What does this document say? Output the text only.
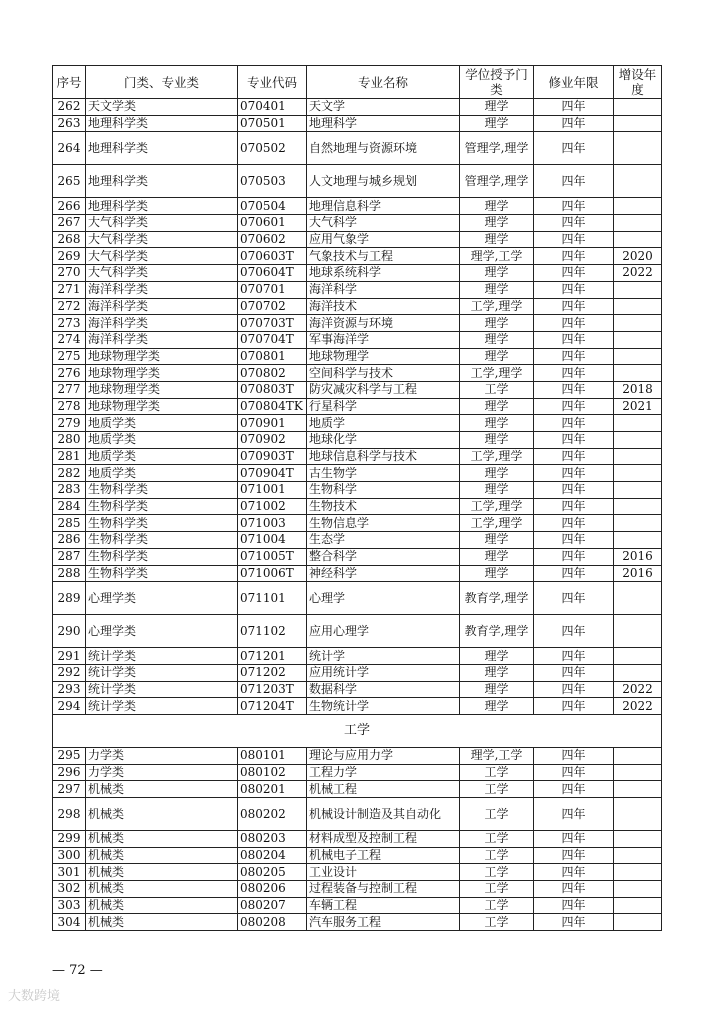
序号	门类、专业类	专业代码	专业名称	学位授予门类	修业年限	增设年度
262	天文学类	070401	天文学	理学	四年	
263	地理科学类	070501	地理科学	理学	四年	
264	地理科学类	070502	自然地理与资源环境	管理学,理学	四年	
265	地理科学类	070503	人文地理与城乡规划	管理学,理学	四年	
266	地理科学类	070504	地理信息科学	理学	四年	
267	大气科学类	070601	大气科学	理学	四年	
268	大气科学类	070602	应用气象学	理学	四年	
269	大气科学类	070603T	气象技术与工程	理学,工学	四年	2020
270	大气科学类	070604T	地球系统科学	理学	四年	2022
271	海洋科学类	070701	海洋科学	理学	四年	
272	海洋科学类	070702	海洋技术	工学,理学	四年	
273	海洋科学类	070703T	海洋资源与环境	理学	四年	
274	海洋科学类	070704T	军事海洋学	理学	四年	
275	地球物理学类	070801	地球物理学	理学	四年	
276	地球物理学类	070802	空间科学与技术	工学,理学	四年	
277	地球物理学类	070803T	防灾减灾科学与工程	工学	四年	2018
278	地球物理学类	070804TK	行星科学	理学	四年	2021
279	地质学类	070901	地质学	理学	四年	
280	地质学类	070902	地球化学	理学	四年	
281	地质学类	070903T	地球信息科学与技术	工学,理学	四年	
282	地质学类	070904T	古生物学	理学	四年	
283	生物科学类	071001	生物科学	理学	四年	
284	生物科学类	071002	生物技术	工学,理学	四年	
285	生物科学类	071003	生物信息学	工学,理学	四年	
286	生物科学类	071004	生态学	理学	四年	
287	生物科学类	071005T	整合科学	理学	四年	2016
288	生物科学类	071006T	神经科学	理学	四年	2016
289	心理学类	071101	心理学	教育学,理学	四年	
290	心理学类	071102	应用心理学	教育学,理学	四年	
291	统计学类	071201	统计学	理学	四年	
292	统计学类	071202	应用统计学	理学	四年	
293	统计学类	071203T	数据科学	理学	四年	2022
294	统计学类	071204T	生物统计学	理学	四年	2022
工学						
295	力学类	080101	理论与应用力学	理学,工学	四年	
296	力学类	080102	工程力学	工学	四年	
297	机械类	080201	机械工程	工学	四年	
298	机械类	080202	机械设计制造及其自动化	工学	四年	
299	机械类	080203	材料成型及控制工程	工学	四年	
300	机械类	080204	机械电子工程	工学	四年	
301	机械类	080205	工业设计	工学	四年	
302	机械类	080206	过程装备与控制工程	工学	四年	
303	机械类	080207	车辆工程	工学	四年	
304	机械类	080208	汽车服务工程	工学	四年	
— 72 —
大数跨境
